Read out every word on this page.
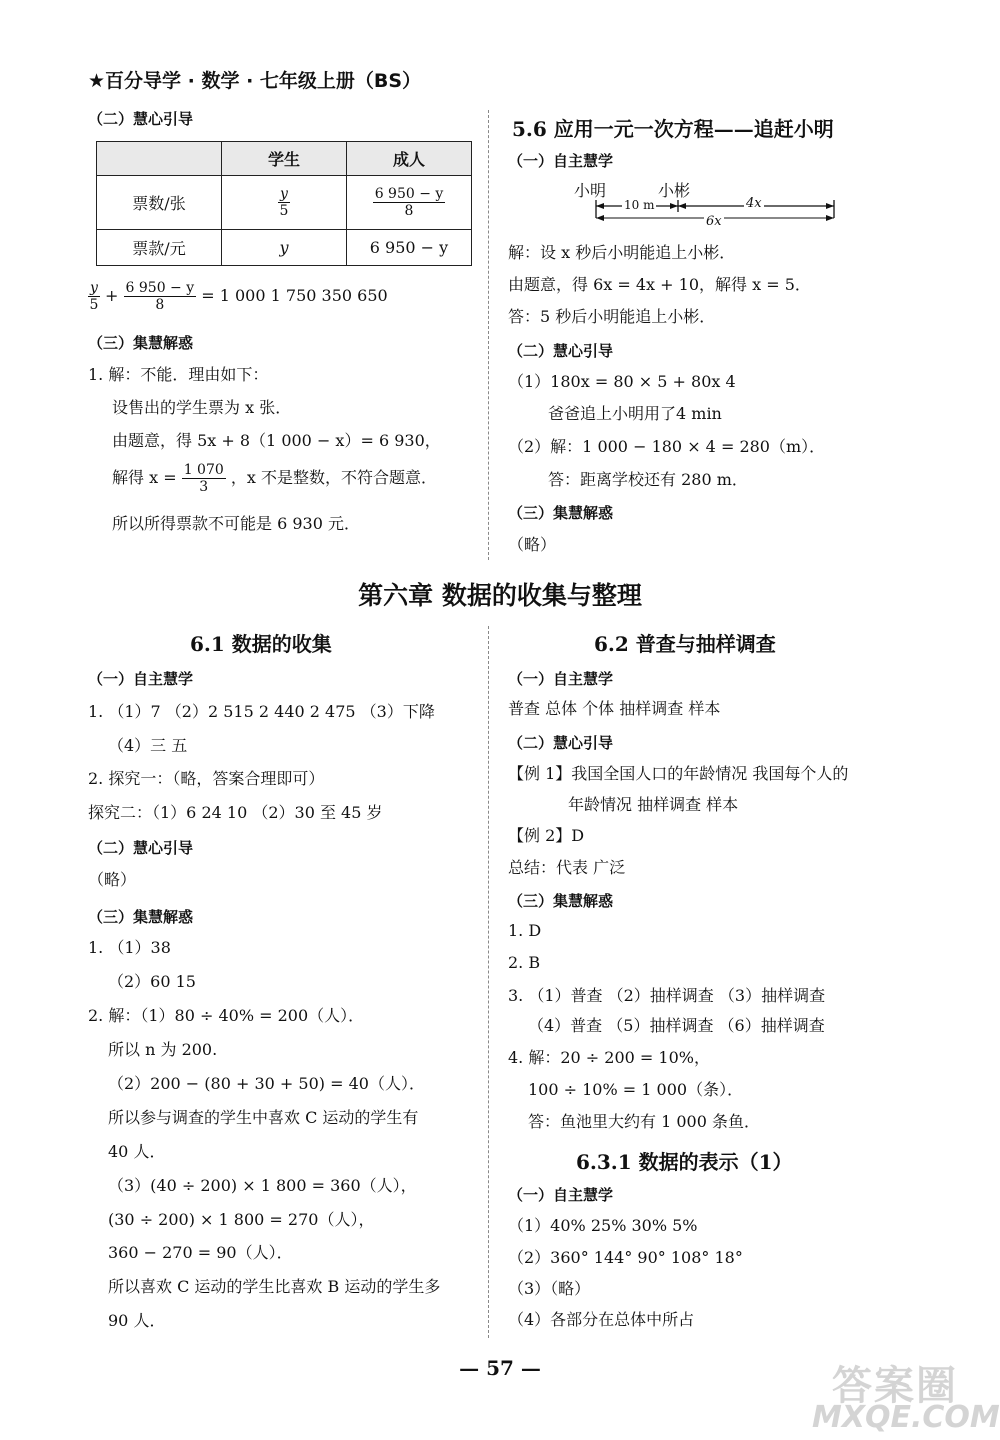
★百分导学 · 数学 · 七年级上册（BS）
（二）慧心引导
	学生	成人
票数/张	$\frac{y}{5}$	$\frac{6 950 - y}{8}$

票款/元	y	6 950 − y
$\frac{y}{5} + \frac{6 950 - y}{8} = 1$ 000 1 750 350 650
（三）集慧解惑
1. 解：不能．理由如下：
设售出的学生票为 x 张．
由题意，得 5x + 8（1 000 − x）= 6 930，
解得 $x = \frac{1 070}{3}$ ，x 不是整数，不符合题意．
所以所得票款不可能是 6 930 元．
5.6 应用一元一次方程——追赶小明
（一）自主慧学
小明	小彬
10 m	4x
6x
解：设 x 秒后小明能追上小彬．
由题意，得 6x = 4x + 10，解得 x = 5．
答：5 秒后小明能追上小彬．
（二）慧心引导
（1）180x = 80 × 5 + 80x 4
爸爸追上小明用了4 min
（2）解：1 000 − 180 × 4 = 280（m）．
答：距离学校还有 280 m．
（三）集慧解惑
（略）
第六章 数据的收集与整理
6.1 数据的收集
（一）自主慧学
1. （1）7 （2）2 515 2 440 2 475 （3）下降
（4）三 五
2. 探究一：（略，答案合理即可）
探究二：（1）6 24 10 （2）30 至 45 岁
（二）慧心引导
（略）
（三）集慧解惑
1. （1）38
（2）60 15
2. 解：（1）80 ÷ 40% = 200（人）．
所以 n 为 200.
（2）200 − (80 + 30 + 50) = 40（人）．
所以参与调查的学生中喜欢 C 运动的学生有
40 人．
（3）(40 ÷ 200) × 1 800 = 360（人），
(30 ÷ 200) × 1 800 = 270（人），
360 − 270 = 90（人）．
所以喜欢 C 运动的学生比喜欢 B 运动的学生多
90 人．
6.2 普查与抽样调查
（一）自主慧学
普查 总体 个体 抽样调查 样本
（二）慧心引导
【例 1】我国全国人口的年龄情况 我国每个人的
年龄情况 抽样调查 样本
【例 2】D
总结：代表 广泛
（三）集慧解惑
1. D
2. B
3. （1）普查 （2）抽样调查 （3）抽样调查
（4）普查 （5）抽样调查 （6）抽样调查
4. 解：20 ÷ 200 = 10%，
100 ÷ 10% = 1 000（条）．
答：鱼池里大约有 1 000 条鱼．
6.3.1 数据的表示（1）
（一）自主慧学
（1）40% 25% 30% 5%
（2）360° 144° 90° 108° 18°
（3）（略）
（4）各部分在总体中所占
— 57 —	答案圈
MXQE.COM
